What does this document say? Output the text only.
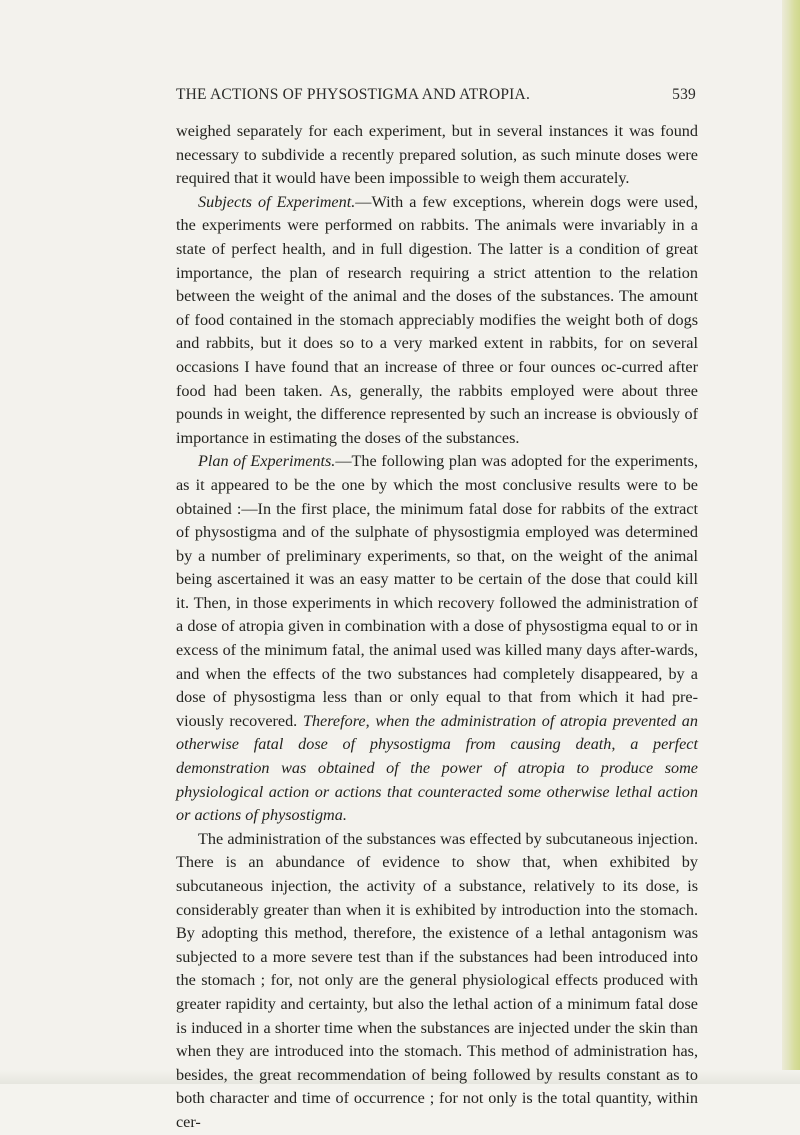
THE ACTIONS OF PHYSOSTIGMA AND ATROPIA.	539

weighed separately for each experiment, but in several instances it was found necessary to subdivide a recently prepared solution, as such minute doses were required that it would have been impossible to weigh them accurately.

Subjects of Experiment.—With a few exceptions, wherein dogs were used, the experiments were performed on rabbits. The animals were invariably in a state of perfect health, and in full digestion. The latter is a condition of great importance, the plan of research requiring a strict attention to the relation between the weight of the animal and the doses of the substances. The amount of food contained in the stomach appreciably modifies the weight both of dogs and rabbits, but it does so to a very marked extent in rabbits, for on several occasions I have found that an increase of three or four ounces oc-curred after food had been taken. As, generally, the rabbits employed were about three pounds in weight, the difference represented by such an increase is obviously of importance in estimating the doses of the substances.

Plan of Experiments.—The following plan was adopted for the experiments, as it appeared to be the one by which the most conclusive results were to be obtained :—In the first place, the minimum fatal dose for rabbits of the extract of physostigma and of the sulphate of physostigmia employed was determined by a number of preliminary experiments, so that, on the weight of the animal being ascertained it was an easy matter to be certain of the dose that could kill it. Then, in those experiments in which recovery followed the administration of a dose of atropia given in combination with a dose of physostigma equal to or in excess of the minimum fatal, the animal used was killed many days after-wards, and when the effects of the two substances had completely disappeared, by a dose of physostigma less than or only equal to that from which it had pre-viously recovered. Therefore, when the administration of atropia prevented an otherwise fatal dose of physostigma from causing death, a perfect demonstration was obtained of the power of atropia to produce some physiological action or actions that counteracted some otherwise lethal action or actions of physostigma.

The administration of the substances was effected by subcutaneous injection. There is an abundance of evidence to show that, when exhibited by subcutaneous injection, the activity of a substance, relatively to its dose, is considerably greater than when it is exhibited by introduction into the stomach. By adopting this method, therefore, the existence of a lethal antagonism was subjected to a more severe test than if the substances had been introduced into the stomach ; for, not only are the general physiological effects produced with greater rapidity and certainty, but also the lethal action of a minimum fatal dose is induced in a shorter time when the substances are injected under the skin than when they are introduced into the stomach. This method of administration has, besides, the great recommendation of being followed by results constant as to both character and time of occurrence ; for not only is the total quantity, within cer-
